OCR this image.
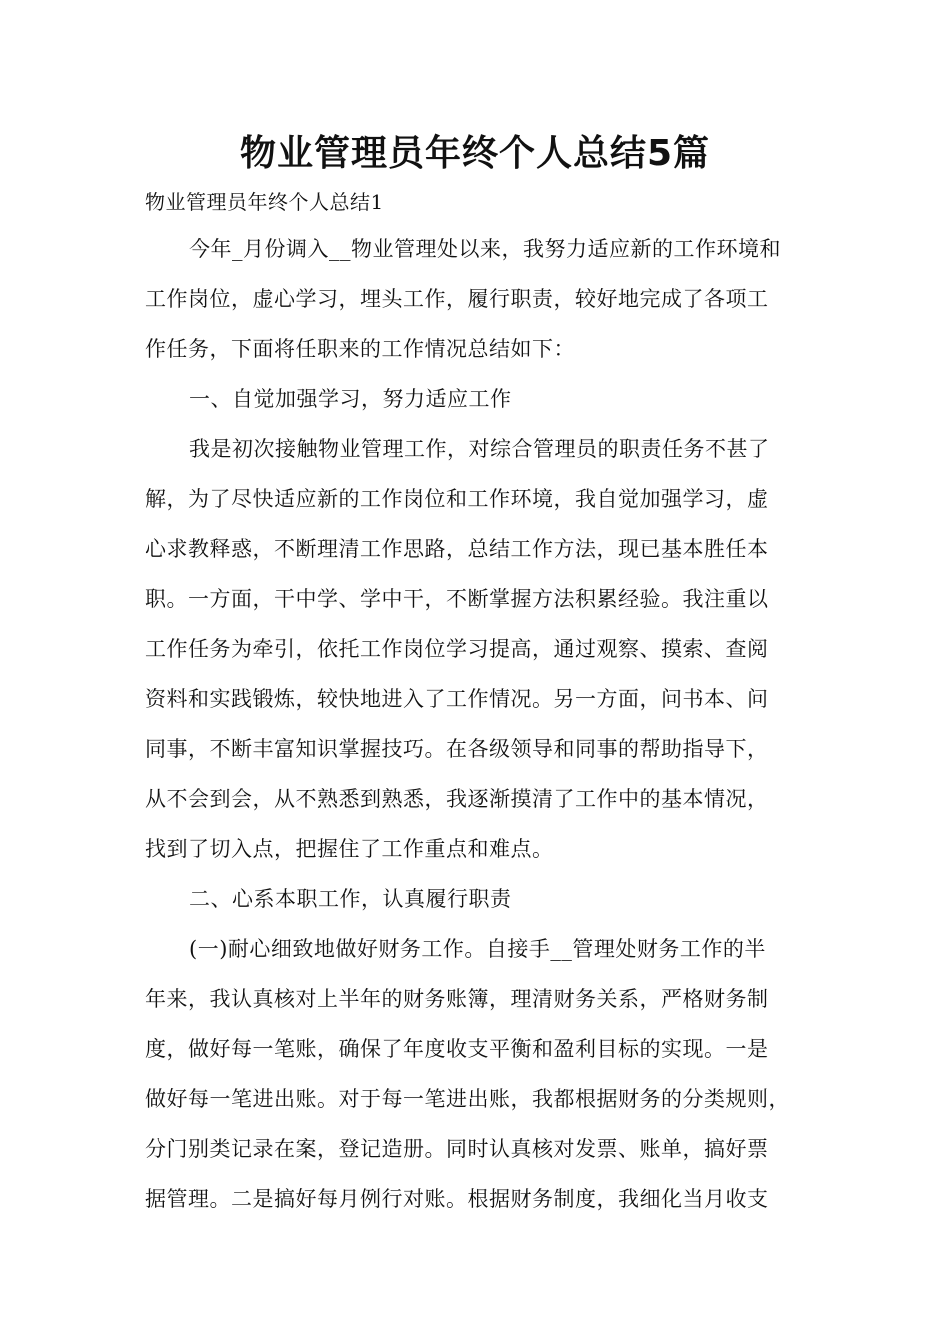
物业管理员年终个人总结5篇
物业管理员年终个人总结1
今年_月份调入__物业管理处以来，我努力适应新的工作环境和
工作岗位，虚心学习，埋头工作，履行职责，较好地完成了各项工
作任务，下面将任职来的工作情况总结如下：
一、自觉加强学习，努力适应工作
我是初次接触物业管理工作，对综合管理员的职责任务不甚了
解，为了尽快适应新的工作岗位和工作环境，我自觉加强学习，虚
心求教释惑，不断理清工作思路，总结工作方法，现已基本胜任本
职。一方面，干中学、学中干，不断掌握方法积累经验。我注重以
工作任务为牵引，依托工作岗位学习提高，通过观察、摸索、查阅
资料和实践锻炼，较快地进入了工作情况。另一方面，问书本、问
同事，不断丰富知识掌握技巧。在各级领导和同事的帮助指导下，
从不会到会，从不熟悉到熟悉，我逐渐摸清了工作中的基本情况，
找到了切入点，把握住了工作重点和难点。
二、心系本职工作，认真履行职责
(一)耐心细致地做好财务工作。自接手__管理处财务工作的半
年来，我认真核对上半年的财务账簿，理清财务关系，严格财务制
度，做好每一笔账，确保了年度收支平衡和盈利目标的实现。一是
做好每一笔进出账。对于每一笔进出账，我都根据财务的分类规则，
分门别类记录在案，登记造册。同时认真核对发票、账单，搞好票
据管理。二是搞好每月例行对账。根据财务制度，我细化当月收支
